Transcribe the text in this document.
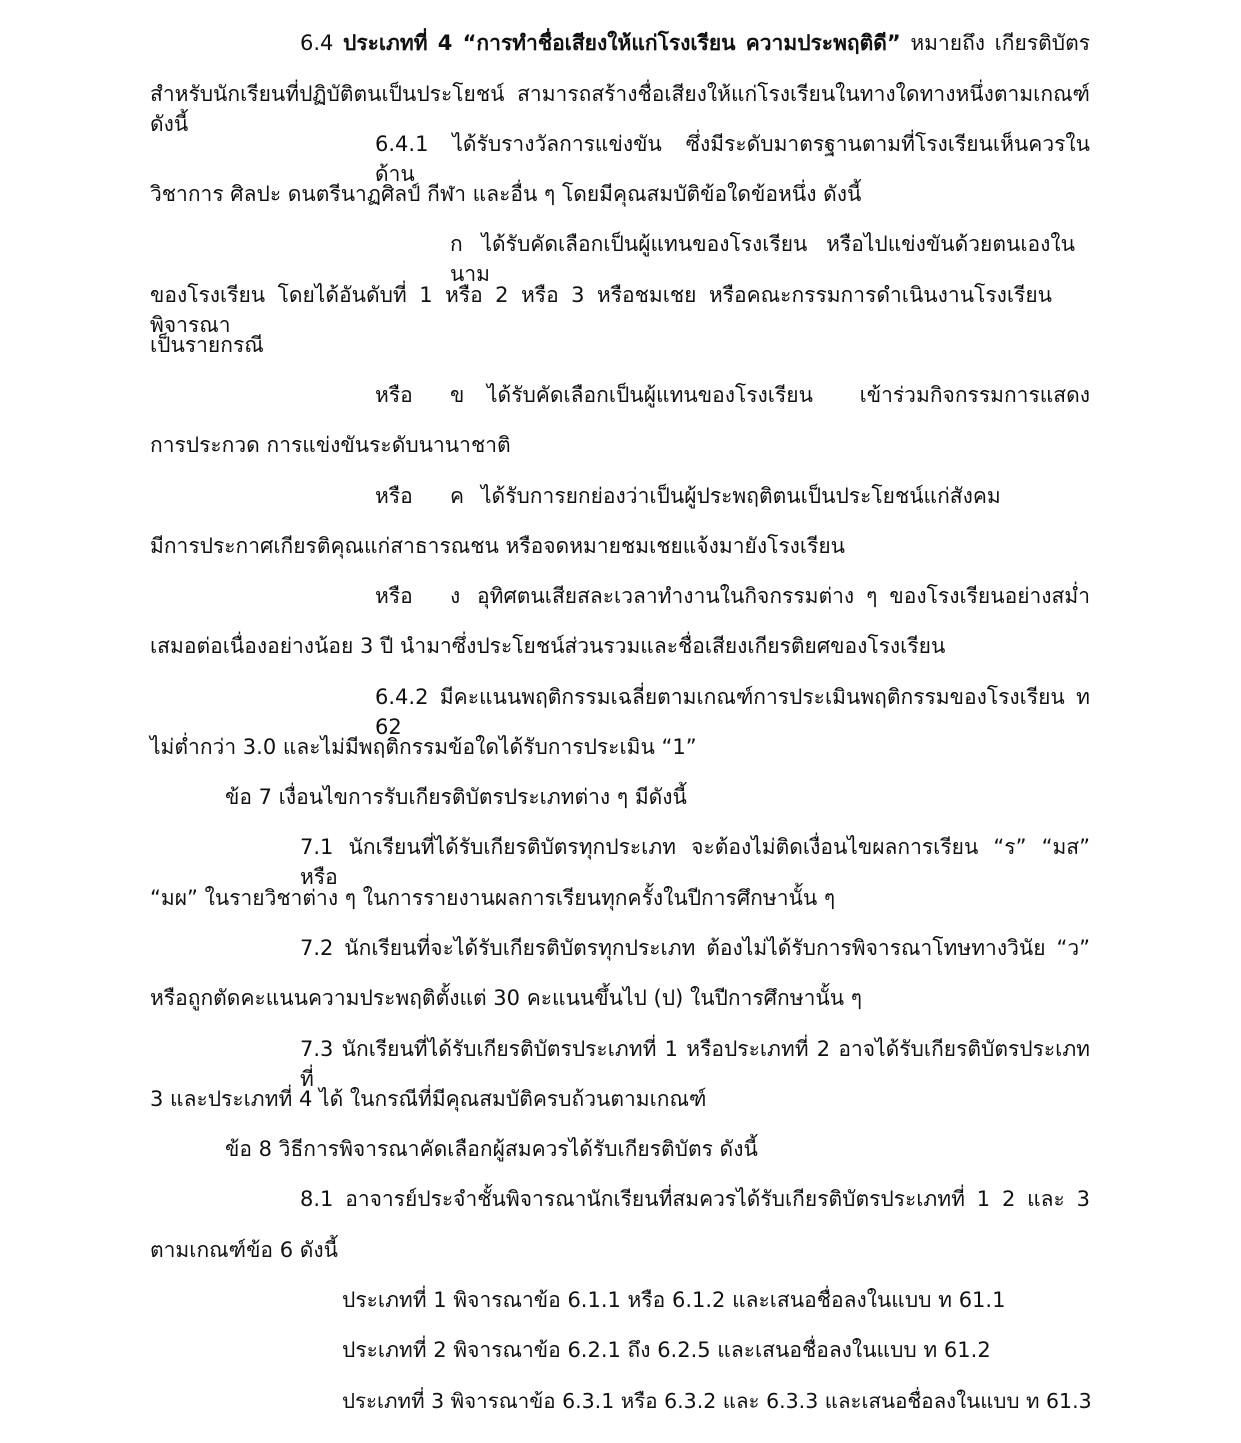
6.4 ประเภทที่ 4 “การทำชื่อเสียงให้แก่โรงเรียน ความประพฤติดี” หมายถึง เกียรติบัตร

สำหรับนักเรียนที่ปฏิบัติตนเป็นประโยชน์ สามารถสร้างชื่อเสียงให้แก่โรงเรียนในทางใดทางหนึ่งตามเกณฑ์ดังนี้

6.4.1 ได้รับรางวัลการแข่งขัน ซึ่งมีระดับมาตรฐานตามที่โรงเรียนเห็นควรในด้าน

วิชาการ ศิลปะ ดนตรีนาฏศิลป์ กีฬา และอื่น ๆ โดยมีคุณสมบัติข้อใดข้อหนึ่ง ดังนี้

ก ได้รับคัดเลือกเป็นผู้แทนของโรงเรียน หรือไปแข่งขันด้วยตนเองในนาม

ของโรงเรียน โดยได้อันดับที่ 1 หรือ 2 หรือ 3 หรือชมเชย หรือคณะกรรมการดำเนินงานโรงเรียนพิจารณา

เป็นรายกรณี

หรือ ข ได้รับคัดเลือกเป็นผู้แทนของโรงเรียน เข้าร่วมกิจกรรมการแสดง

การประกวด การแข่งขันระดับนานาชาติ

หรือ ค ได้รับการยกย่องว่าเป็นผู้ประพฤติตนเป็นประโยชน์แก่สังคม

มีการประกาศเกียรติคุณแก่สาธารณชน หรือจดหมายชมเชยแจ้งมายังโรงเรียน

หรือ ง อุทิศตนเสียสละเวลาทำงานในกิจกรรมต่าง ๆ ของโรงเรียนอย่างสม่ำ

เสมอต่อเนื่องอย่างน้อย 3 ปี นำมาซึ่งประโยชน์ส่วนรวมและชื่อเสียงเกียรติยศของโรงเรียน

6.4.2 มีคะแนนพฤติกรรมเฉลี่ยตามเกณฑ์การประเมินพฤติกรรมของโรงเรียน ท 62

ไม่ต่ำกว่า 3.0 และไม่มีพฤติกรรมข้อใดได้รับการประเมิน “1”

ข้อ 7 เงื่อนไขการรับเกียรติบัตรประเภทต่าง ๆ มีดังนี้

7.1 นักเรียนที่ได้รับเกียรติบัตรทุกประเภท จะต้องไม่ติดเงื่อนไขผลการเรียน “ร” “มส” หรือ

“มผ” ในรายวิชาต่าง ๆ ในการรายงานผลการเรียนทุกครั้งในปีการศึกษานั้น ๆ

7.2 นักเรียนที่จะได้รับเกียรติบัตรทุกประเภท ต้องไม่ได้รับการพิจารณาโทษทางวินัย “ว”

หรือถูกตัดคะแนนความประพฤติตั้งแต่ 30 คะแนนขึ้นไป (ป) ในปีการศึกษานั้น ๆ

7.3 นักเรียนที่ได้รับเกียรติบัตรประเภทที่ 1 หรือประเภทที่ 2 อาจได้รับเกียรติบัตรประเภทที่

3 และประเภทที่ 4 ได้ ในกรณีที่มีคุณสมบัติครบถ้วนตามเกณฑ์

ข้อ 8 วิธีการพิจารณาคัดเลือกผู้สมควรได้รับเกียรติบัตร ดังนี้

8.1 อาจารย์ประจำชั้นพิจารณานักเรียนที่สมควรได้รับเกียรติบัตรประเภทที่ 1 2 และ 3

ตามเกณฑ์ข้อ 6 ดังนี้

ประเภทที่ 1 พิจารณาข้อ 6.1.1 หรือ 6.1.2 และเสนอชื่อลงในแบบ ท 61.1

ประเภทที่ 2 พิจารณาข้อ 6.2.1 ถึง 6.2.5 และเสนอชื่อลงในแบบ ท 61.2

ประเภทที่ 3 พิจารณาข้อ 6.3.1 หรือ 6.3.2 และ 6.3.3 และเสนอชื่อลงในแบบ ท 61.3
